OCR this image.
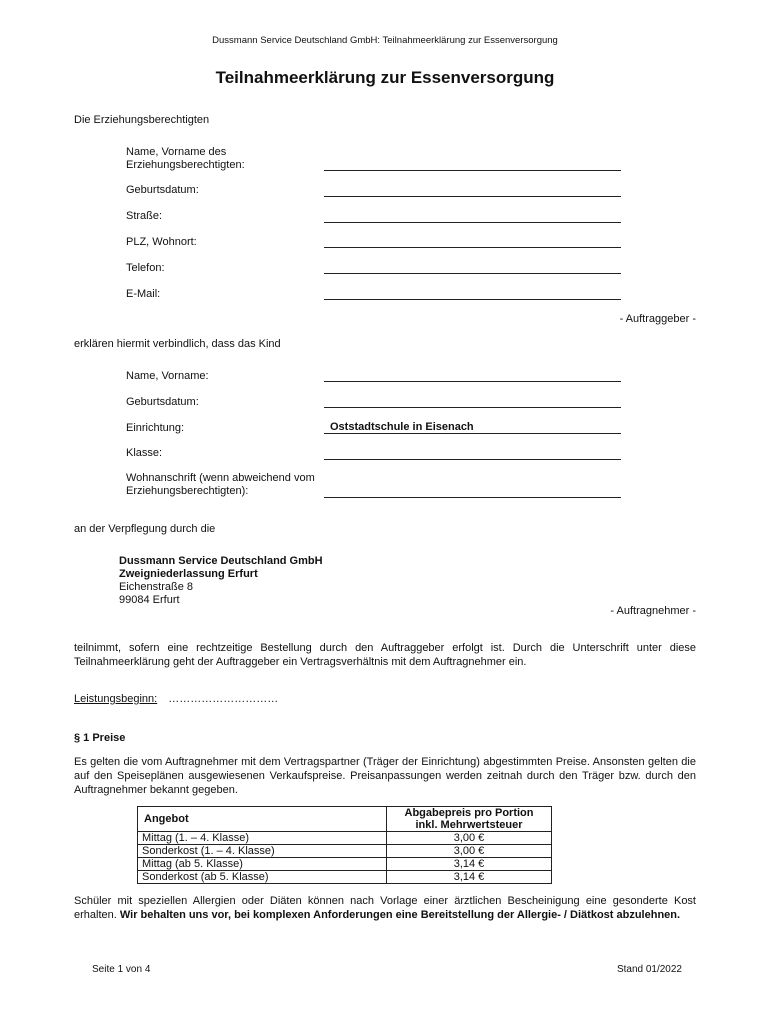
Dussmann Service Deutschland GmbH: Teilnahmeerklärung zur Essenversorgung
Teilnahmeerklärung zur Essenversorgung
Die Erziehungsberechtigten
Name, Vorname des Erziehungsberechtigten:
Geburtsdatum:
Straße:
PLZ, Wohnort:
Telefon:
E-Mail:
- Auftraggeber -
erklären hiermit verbindlich, dass das Kind
Name, Vorname:
Geburtsdatum:
Einrichtung:	Oststadtschule in Eisenach
Klasse:
Wohnanschrift (wenn abweichend vom Erziehungsberechtigten):
an der Verpflegung durch die
Dussmann Service Deutschland GmbH
Zweigniederlassung Erfurt
Eichenstraße 8
99084 Erfurt
- Auftragnehmer -
teilnimmt, sofern eine rechtzeitige Bestellung durch den Auftraggeber erfolgt ist. Durch die Unterschrift unter diese Teilnahmeerklärung geht der Auftraggeber ein Vertragsverhältnis mit dem Auftragnehmer ein.
Leistungsbeginn: …………………………
§ 1 Preise
Es gelten die vom Auftragnehmer mit dem Vertragspartner (Träger der Einrichtung) abgestimmten Preise. Ansonsten gelten die auf den Speiseplänen ausgewiesenen Verkaufspreise. Preisanpassungen werden zeitnah durch den Träger bzw. durch den Auftragnehmer bekannt gegeben.
Angebot	Abgabepreis pro Portion
inkl. Mehrwertsteuer

Mittag (1. – 4. Klasse)	3,00 €
Sonderkost (1. – 4. Klasse)	3,00 €
Mittag (ab 5. Klasse)	3,14 €
Sonderkost (ab 5. Klasse)	3,14 €
Schüler mit speziellen Allergien oder Diäten können nach Vorlage einer ärztlichen Bescheinigung eine gesonderte Kost erhalten. Wir behalten uns vor, bei komplexen Anforderungen eine Bereitstellung der Allergie- / Diätkost abzulehnen.
Seite 1 von 4	Stand 01/2022
